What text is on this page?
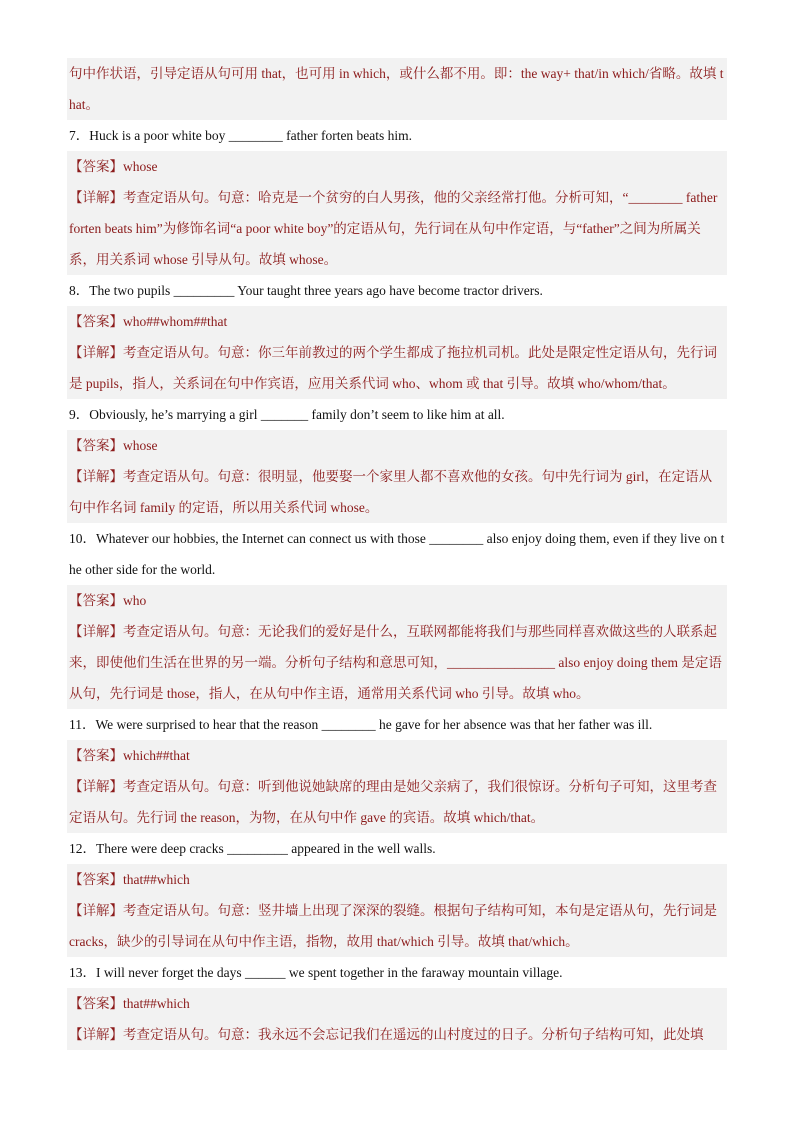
句中作状语，引导定语从句可用 that，也可用 in which，或什么都不用。即：the way+ that/in which/省略。故填 that。
7．Huck is a poor white boy ________ father forten beats him.
【答案】whose
【详解】考查定语从句。句意：哈克是一个贫穷的白人男孩，他的父亲经常打他。分析可知，“________ father forten beats him”为修饰名词“a poor white boy”的定语从句，先行词在从句中作定语，与“father”之间为所属关系，用关系词 whose 引导从句。故填 whose。
8．The two pupils _________ Your taught three years ago have become tractor drivers.
【答案】who##whom##that
【详解】考查定语从句。句意：你三年前教过的两个学生都成了拖拉机司机。此处是限定性定语从句，先行词是 pupils，指人，关系词在句中作宾语，应用关系代词 who、whom 或 that 引导。故填 who/whom/that。
9．Obviously, he’s marrying a girl _______ family don’t seem to like him at all.
【答案】whose
【详解】考查定语从句。句意：很明显，他要娶一个家里人都不喜欢他的女孩。句中先行词为 girl，在定语从句中作名词 family 的定语，所以用关系代词 whose。
10．Whatever our hobbies, the Internet can connect us with those ________ also enjoy doing them, even if they live on the other side for the world.
【答案】who
【详解】考查定语从句。句意：无论我们的爱好是什么，互联网都能将我们与那些同样喜欢做这些的人联系起来，即使他们生活在世界的另一端。分析句子结构和意思可知，________________ also enjoy doing them 是定语从句，先行词是 those，指人，在从句中作主语，通常用关系代词 who 引导。故填 who。
11．We were surprised to hear that the reason ________ he gave for her absence was that her father was ill.
【答案】which##that
【详解】考查定语从句。句意：听到他说她缺席的理由是她父亲病了，我们很惊讶。分析句子可知，这里考查定语从句。先行词 the reason，为物，在从句中作 gave 的宾语。故填 which/that。
12．There were deep cracks _________ appeared in the well walls.
【答案】that##which
【详解】考查定语从句。句意：竖井墙上出现了深深的裂缝。根据句子结构可知，本句是定语从句，先行词是 cracks，缺少的引导词在从句中作主语，指物，故用 that/which 引导。故填 that/which。
13．I will never forget the days ______ we spent together in the faraway mountain village.
【答案】that##which
【详解】考查定语从句。句意：我永远不会忘记我们在遥远的山村度过的日子。分析句子结构可知，此处填
